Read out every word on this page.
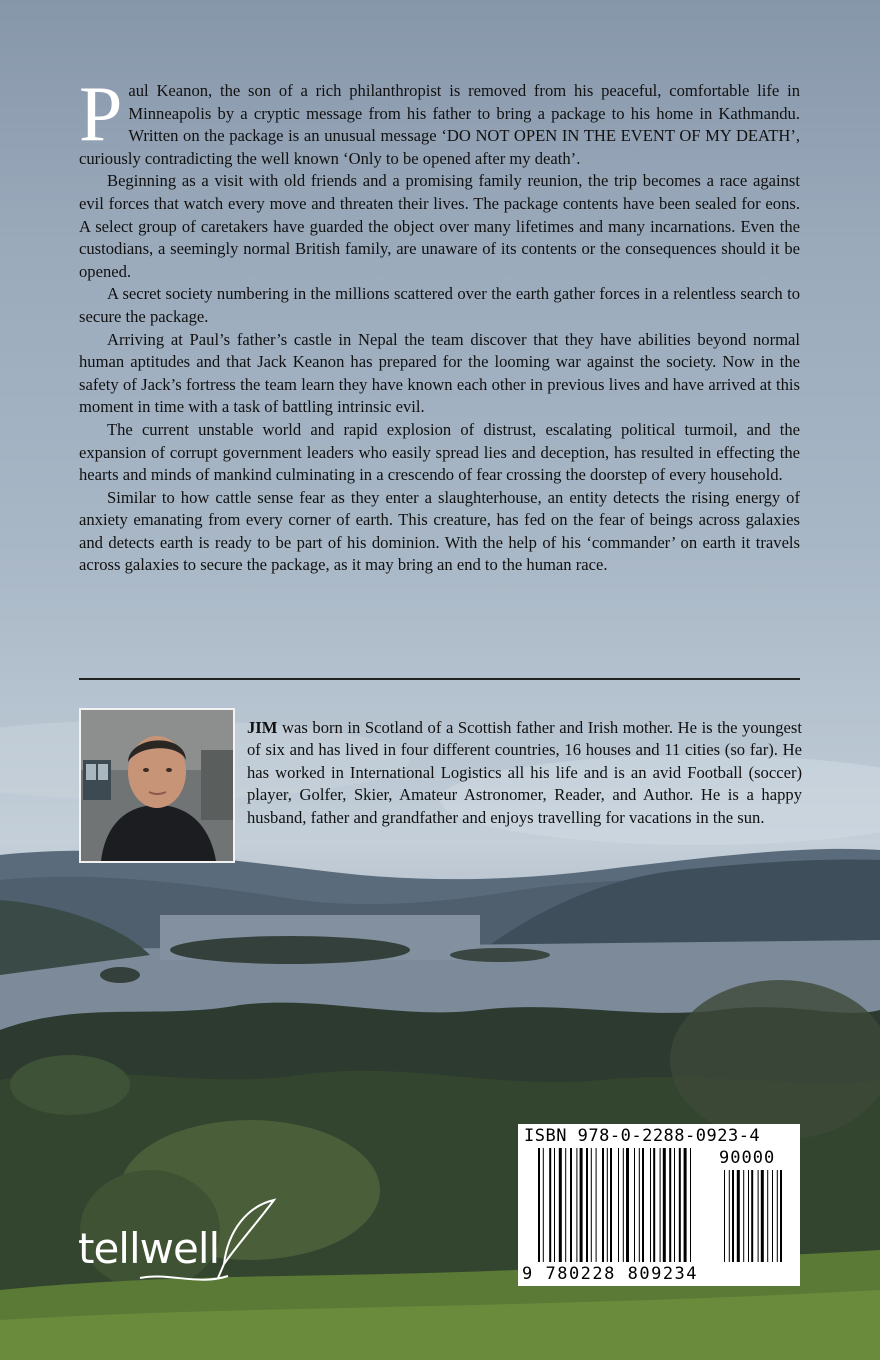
Paul Keanon, the son of a rich philanthropist is removed from his peaceful, comfortable life in Minneapolis by a cryptic message from his father to bring a package to his home in Kathmandu. Written on the package is an unusual message ‘DO NOT OPEN IN THE EVENT OF MY DEATH’, curiously contradicting the well known ‘Only to be opened after my death’.

Beginning as a visit with old friends and a promising family reunion, the trip becomes a race against evil forces that watch every move and threaten their lives. The package contents have been sealed for eons. A select group of caretakers have guarded the object over many lifetimes and many incarnations. Even the custodians, a seemingly normal British family, are unaware of its contents or the consequences should it be opened.

A secret society numbering in the millions scattered over the earth gather forces in a relentless search to secure the package.

Arriving at Paul’s father’s castle in Nepal the team discover that they have abilities beyond normal human aptitudes and that Jack Keanon has prepared for the looming war against the society. Now in the safety of Jack’s fortress the team learn they have known each other in previous lives and have arrived at this moment in time with a task of battling intrinsic evil.

The current unstable world and rapid explosion of distrust, escalating political turmoil, and the expansion of corrupt government leaders who easily spread lies and deception, has resulted in effecting the hearts and minds of mankind culminating in a crescendo of fear crossing the doorstep of every household.

Similar to how cattle sense fear as they enter a slaughterhouse, an entity detects the rising energy of anxiety emanating from every corner of earth. This creature, has fed on the fear of beings across galaxies and detects earth is ready to be part of his dominion. With the help of his ‘commander’ on earth it travels across galaxies to secure the package, as it may bring an end to the human race.

JIM was born in Scotland of a Scottish father and Irish mother. He is the youngest of six and has lived in four different countries, 16 houses and 11 cities (so far). He has worked in International Logistics all his life and is an avid Football (soccer) player, Golfer, Skier, Amateur Astronomer, Reader, and Author. He is a happy husband, father and grandfather and enjoys travelling for vacations in the sun.
tellwell
ISBN 978-0-2288-0923-4
90000
9 780228 809234
